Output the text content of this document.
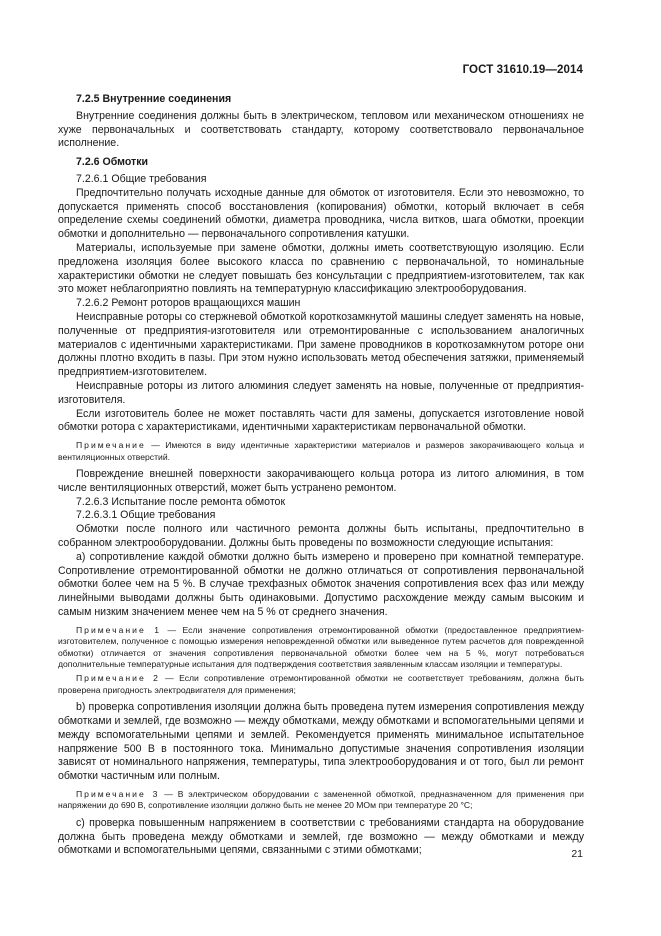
ГОСТ 31610.19—2014

7.2.5 Внутренние соединения

Внутренние соединения должны быть в электрическом, тепловом или механическом отношениях не хуже первоначальных и соответствовать стандарту, которому соответствовало первоначальное исполнение.

7.2.6 Обмотки

7.2.6.1 Общие требования

Предпочтительно получать исходные данные для обмоток от изготовителя. Если это невозможно, то допускается применять способ восстановления (копирования) обмотки, который включает в себя определение схемы соединений обмотки, диаметра проводника, числа витков, шага обмотки, проекции обмотки и дополнительно — первоначального сопротивления катушки.

Материалы, используемые при замене обмотки, должны иметь соответствующую изоляцию. Если предложена изоляция более высокого класса по сравнению с первоначальной, то номинальные характеристики обмотки не следует повышать без консультации с предприятием-изготовителем, так как это может неблагоприятно повлиять на температурную классификацию электрооборудования.

7.2.6.2 Ремонт роторов вращающихся машин

Неисправные роторы со стержневой обмоткой короткозамкнутой машины следует заменять на новые, полученные от предприятия-изготовителя или отремонтированные с использованием аналогичных материалов с идентичными характеристиками. При замене проводников в короткозамкнутом роторе они должны плотно входить в пазы. При этом нужно использовать метод обеспечения затяжки, применяемый предприятием-изготовителем.

Неисправные роторы из литого алюминия следует заменять на новые, полученные от предприятия-изготовителя.

Если изготовитель более не может поставлять части для замены, допускается изготовление новой обмотки ротора с характеристиками, идентичными характеристикам первоначальной обмотки.

Примечание — Имеются в виду идентичные характеристики материалов и размеров закорачивающего кольца и вентиляционных отверстий.

Повреждение внешней поверхности закорачивающего кольца ротора из литого алюминия, в том числе вентиляционных отверстий, может быть устранено ремонтом.

7.2.6.3 Испытание после ремонта обмоток

7.2.6.3.1 Общие требования

Обмотки после полного или частичного ремонта должны быть испытаны, предпочтительно в собранном электрооборудовании. Должны быть проведены по возможности следующие испытания:

а) сопротивление каждой обмотки должно быть измерено и проверено при комнатной температуре. Сопротивление отремонтированной обмотки не должно отличаться от сопротивления первоначальной обмотки более чем на 5 %. В случае трехфазных обмоток значения сопротивления всех фаз или между линейными выводами должны быть одинаковыми. Допустимо расхождение между самым высоким и самым низким значением менее чем на 5 % от среднего значения.

Примечание 1 — Если значение сопротивления отремонтированной обмотки (предоставленное предприятием-изготовителем, полученное с помощью измерения неповрежденной обмотки или выведенное путем расчетов для поврежденной обмотки) отличается от значения сопротивления первоначальной обмотки более чем на 5 %, могут потребоваться дополнительные температурные испытания для подтверждения соответствия заявленным классам изоляции и температуры.

Примечание 2 — Если сопротивление отремонтированной обмотки не соответствует требованиям, должна быть проверена пригодность электродвигателя для применения;

b) проверка сопротивления изоляции должна быть проведена путем измерения сопротивления между обмотками и землей, где возможно — между обмотками, между обмотками и вспомогательными цепями и между вспомогательными цепями и землей. Рекомендуется применять минимальное испытательное напряжение 500 В в постоянного тока. Минимально допустимые значения сопротивления изоляции зависят от номинального напряжения, температуры, типа электрооборудования и от того, был ли ремонт обмотки частичным или полным.

Примечание 3 — В электрическом оборудовании с замененной обмоткой, предназначенном для применения при напряжении до 690 В, сопротивление изоляции должно быть не менее 20 МОм при температуре 20 °С;

с) проверка повышенным напряжением в соответствии с требованиями стандарта на оборудование должна быть проведена между обмотками и землей, где возможно — между обмотками и между обмотками и вспомогательными цепями, связанными с этими обмотками;	21
